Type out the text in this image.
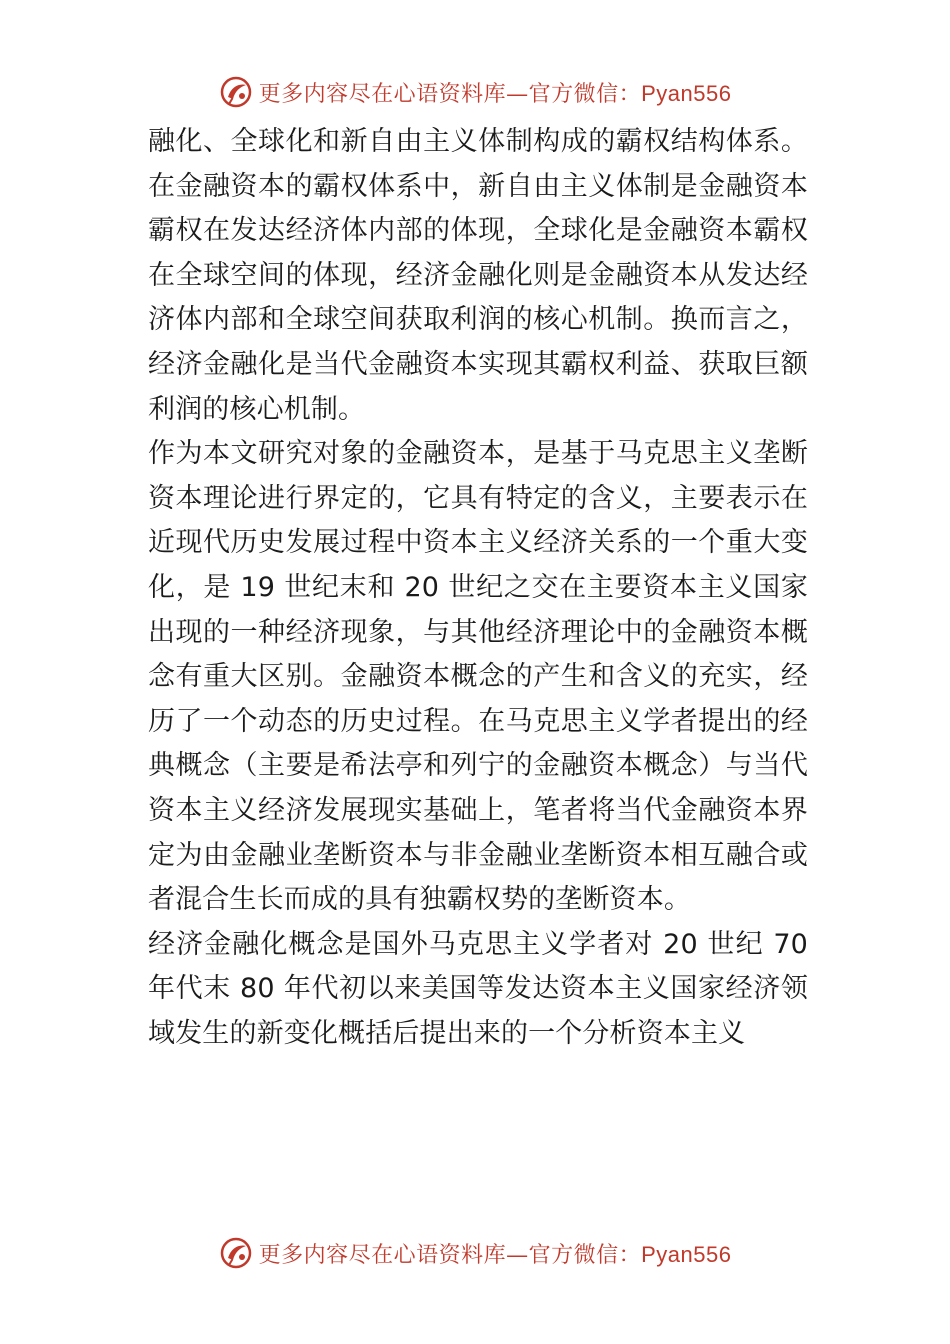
更多内容尽在心语资料库—官方微信：Pyan556

融化、全球化和新自由主义体制构成的霸权结构体系。在金融资本的霸权体系中，新自由主义体制是金融资本霸权在发达经济体内部的体现，全球化是金融资本霸权在全球空间的体现，经济金融化则是金融资本从发达经济体内部和全球空间获取利润的核心机制。换而言之，经济金融化是当代金融资本实现其霸权利益、获取巨额利润的核心机制。

作为本文研究对象的金融资本，是基于马克思主义垄断资本理论进行界定的，它具有特定的含义，主要表示在近现代历史发展过程中资本主义经济关系的一个重大变化，是 19 世纪末和 20 世纪之交在主要资本主义国家出现的一种经济现象，与其他经济理论中的金融资本概念有重大区别。金融资本概念的产生和含义的充实，经历了一个动态的历史过程。在马克思主义学者提出的经典概念（主要是希法亭和列宁的金融资本概念）与当代资本主义经济发展现实基础上，笔者将当代金融资本界定为由金融业垄断资本与非金融业垄断资本相互融合或者混合生长而成的具有独霸权势的垄断资本。

经济金融化概念是国外马克思主义学者对 20 世纪 70 年代末 80 年代初以来美国等发达资本主义国家经济领域发生的新变化概括后提出来的一个分析资本主义

更多内容尽在心语资料库—官方微信：Pyan556
